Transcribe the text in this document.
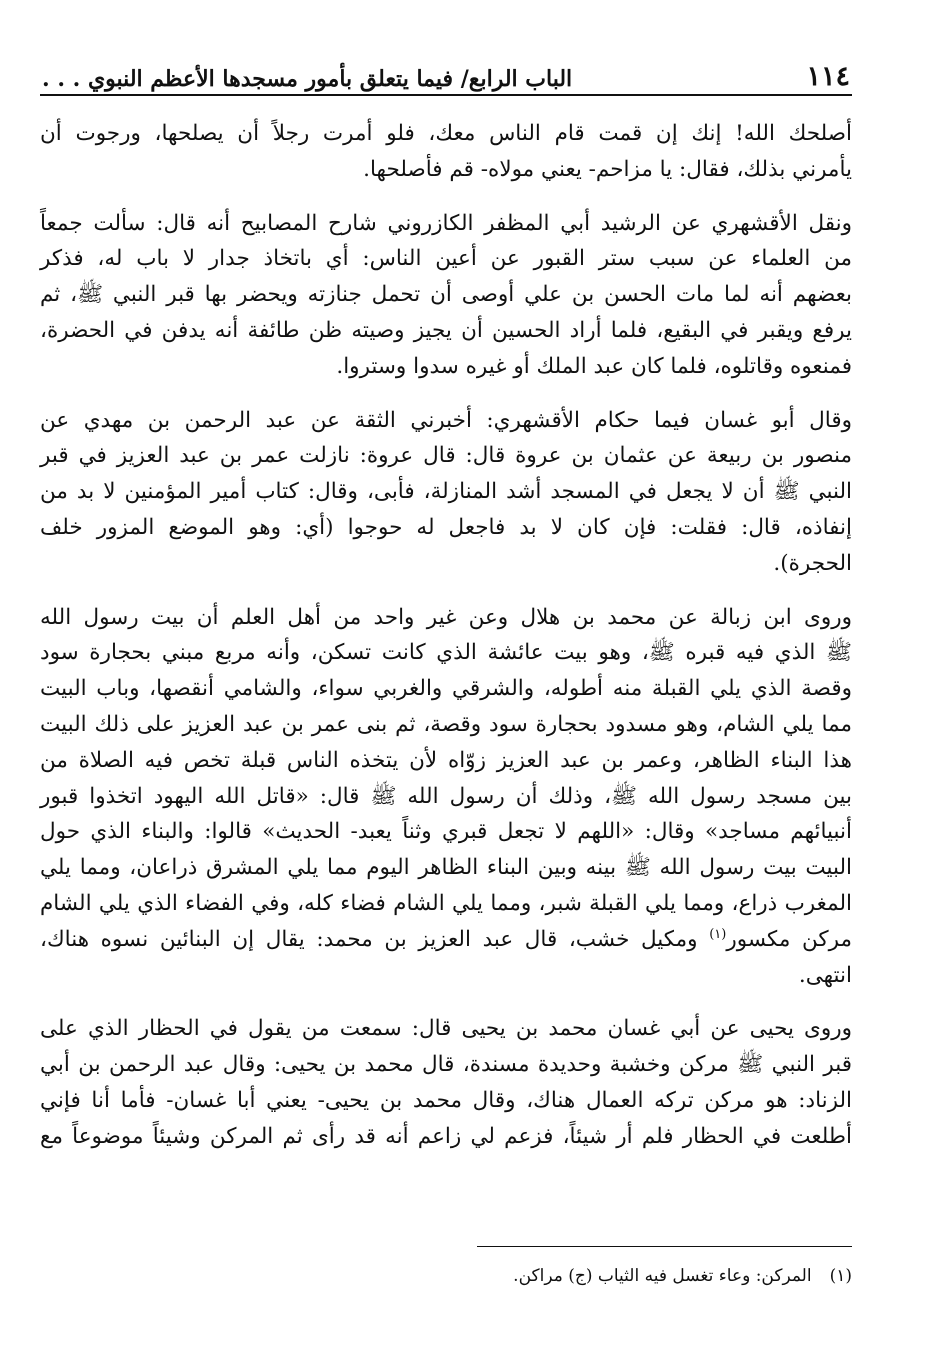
١١٤
الباب الرابع/ فيما يتعلق بأمور مسجدها الأعظم النبوي . . .

أصلحك الله! إنك إن قمت قام الناس معك، فلو أمرت رجلاً أن يصلحها، ورجوت أن
يأمرني بذلك، فقال: يا مزاحم- يعني مولاه- قم فأصلحها.

ونقل الأقشهري عن الرشيد أبي المظفر الكازروني شارح المصابيح أنه قال: سألت جمعاً
من العلماء عن سبب ستر القبور عن أعين الناس: أي باتخاذ جدار لا باب له، فذكر
بعضهم أنه لما مات الحسن بن علي أوصى أن تحمل جنازته ويحضر بها قبر النبي ﷺ، ثم
يرفع ويقبر في البقيع، فلما أراد الحسين أن يجيز وصيته ظن طائفة أنه يدفن في الحضرة،
فمنعوه وقاتلوه، فلما كان عبد الملك أو غيره سدوا وستروا.

وقال أبو غسان فيما حكام الأقشهري: أخبرني الثقة عن عبد الرحمن بن مهدي عن
منصور بن ربيعة عن عثمان بن عروة قال: قال عروة: نازلت عمر بن عبد العزيز في قبر
النبي ﷺ أن لا يجعل في المسجد أشد المنازلة، فأبى، وقال: كتاب أمير المؤمنين لا بد من
إنفاذه، قال: فقلت: فإن كان لا بد فاجعل له حوجوا (أي: وهو الموضع المزور خلف
الحجرة).

وروى ابن زبالة عن محمد بن هلال وعن غير واحد من أهل العلم أن بيت رسول الله
ﷺ الذي فيه قبره ﷺ، وهو بيت عائشة الذي كانت تسكن، وأنه مربع مبني بحجارة سود
وقصة الذي يلي القبلة منه أطوله، والشرقي والغربي سواء، والشامي أنقصها، وباب البيت
مما يلي الشام، وهو مسدود بحجارة سود وقصة، ثم بنى عمر بن عبد العزيز على ذلك البيت
هذا البناء الظاهر، وعمر بن عبد العزيز زوّاه لأن يتخذه الناس قبلة تخص فيه الصلاة من
بين مسجد رسول الله ﷺ، وذلك أن رسول الله ﷺ قال: «قاتل الله اليهود اتخذوا قبور
أنبيائهم مساجد» وقال: «اللهم لا تجعل قبري وثناً يعبد- الحديث» قالوا: والبناء الذي حول
البيت بيت رسول الله ﷺ بينه وبين البناء الظاهر اليوم مما يلي المشرق ذراعان، ومما يلي
المغرب ذراع، ومما يلي القبلة شبر، ومما يلي الشام فضاء كله، وفي الفضاء الذي يلي الشام
مركن مكسور$^{(١)}$ ومكيل خشب، قال عبد العزيز بن محمد: يقال إن البنائين نسوه هناك،
انتهى.

وروى يحيى عن أبي غسان محمد بن يحيى قال: سمعت من يقول في الحظار الذي على
قبر النبي ﷺ مركن وخشبة وحديدة مسندة، قال محمد بن يحيى: وقال عبد الرحمن بن أبي
الزناد: هو مركن تركه العمال هناك، وقال محمد بن يحيى- يعني أبا غسان- فأما أنا فإني
أطلعت في الحظار فلم أر شيئاً، فزعم لي زاعم أنه قد رأى ثم المركن وشيئاً موضوعاً مع

(١)المركن: وعاء تغسل فيه الثياب (ج) مراكن.
